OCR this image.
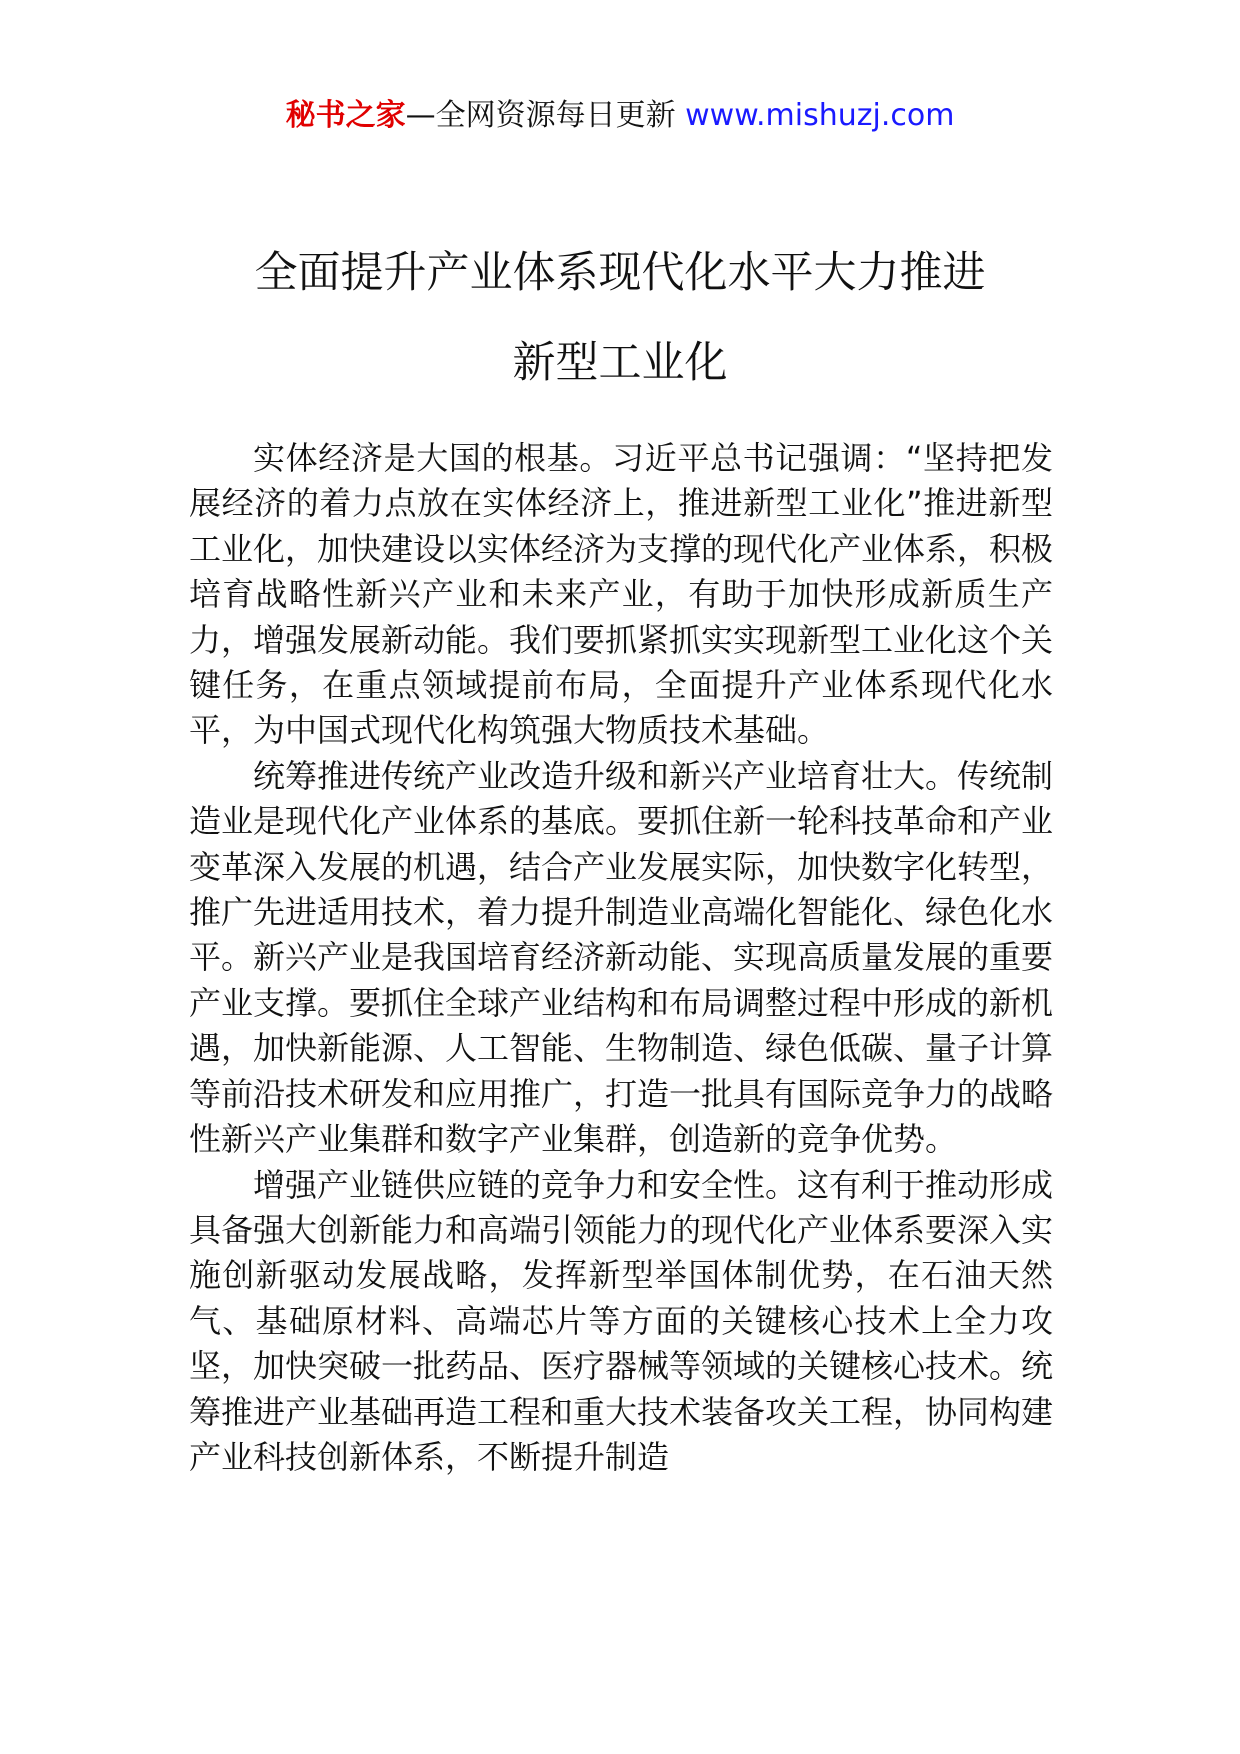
秘书之家—全网资源每日更新 www.mishuzj.com
全面提升产业体系现代化水平大力推进
新型工业化

实体经济是大国的根基。习近平总书记强调：“坚持把发展经济的着力点放在实体经济上，推进新型工业化”推进新型工业化，加快建设以实体经济为支撑的现代化产业体系，积极培育战略性新兴产业和未来产业，有助于加快形成新质生产力，增强发展新动能。我们要抓紧抓实实现新型工业化这个关键任务，在重点领域提前布局，全面提升产业体系现代化水平，为中国式现代化构筑强大物质技术基础。

统筹推进传统产业改造升级和新兴产业培育壮大。传统制造业是现代化产业体系的基底。要抓住新一轮科技革命和产业变革深入发展的机遇，结合产业发展实际，加快数字化转型，推广先进适用技术，着力提升制造业高端化智能化、绿色化水平。新兴产业是我国培育经济新动能、实现高质量发展的重要产业支撑。要抓住全球产业结构和布局调整过程中形成的新机遇，加快新能源、人工智能、生物制造、绿色低碳、量子计算等前沿技术研发和应用推广，打造一批具有国际竞争力的战略性新兴产业集群和数字产业集群，创造新的竞争优势。

增强产业链供应链的竞争力和安全性。这有利于推动形成具备强大创新能力和高端引领能力的现代化产业体系要深入实施创新驱动发展战略，发挥新型举国体制优势，在石油天然气、基础原材料、高端芯片等方面的关键核心技术上全力攻坚，加快突破一批药品、医疗器械等领域的关键核心技术。统筹推进产业基础再造工程和重大技术装备攻关工程，协同构建产业科技创新体系，不断提升制造
